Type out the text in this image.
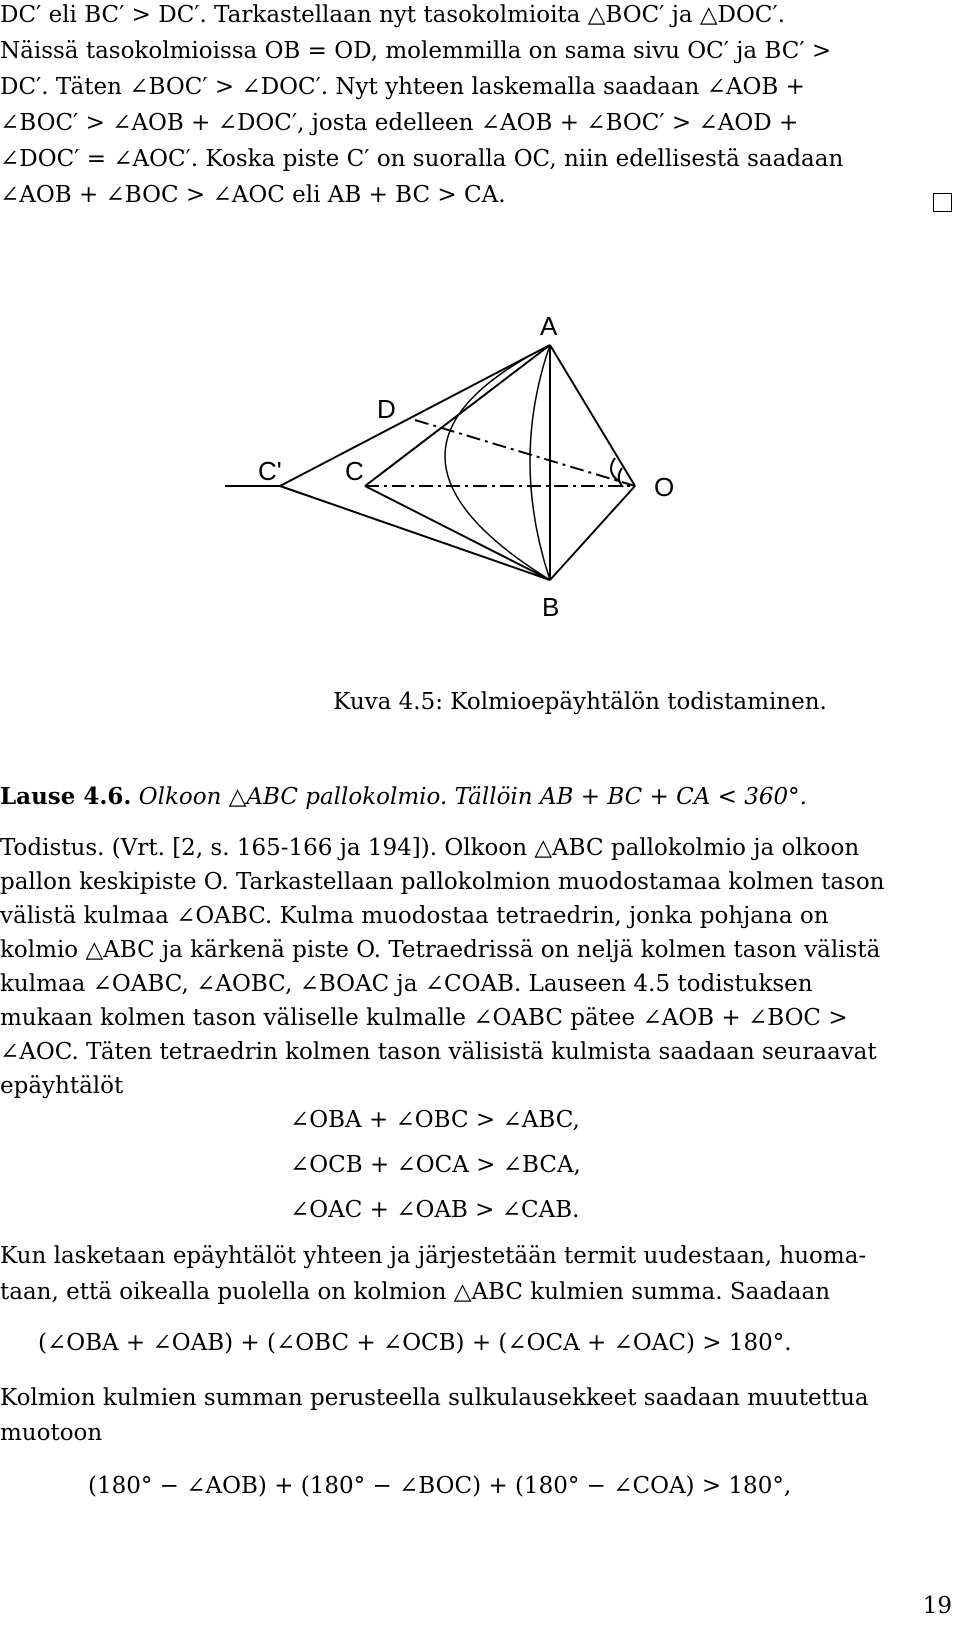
DC′ eli BC′ > DC′. Tarkastellaan nyt tasokolmioita △BOC′ ja △DOC′.
Näissä tasokolmioissa OB = OD, molemmilla on sama sivu OC′ ja BC′ >
DC′. Täten ∠BOC′ > ∠DOC′. Nyt yhteen laskemalla saadaan ∠AOB +
∠BOC′ > ∠AOB + ∠DOC′, josta edelleen ∠AOB + ∠BOC′ > ∠AOD +
∠DOC′ = ∠AOC′. Koska piste C′ on suoralla OC, niin edellisestä saadaan
∠AOB + ∠BOC > ∠AOC eli AB + BC > CA.
A
B
C
C'
D
O
Kuva 4.5: Kolmioepäyhtälön todistaminen.
Lause 4.6. Olkoon △ABC pallokolmio. Tällöin AB + BC + CA < 360°.
Todistus. (Vrt. [2, s. 165-166 ja 194]). Olkoon △ABC pallokolmio ja olkoon
pallon keskipiste O. Tarkastellaan pallokolmion muodostamaa kolmen tason
välistä kulmaa ∠OABC. Kulma muodostaa tetraedrin, jonka pohjana on
kolmio △ABC ja kärkenä piste O. Tetraedrissä on neljä kolmen tason välistä
kulmaa ∠OABC, ∠AOBC, ∠BOAC ja ∠COAB. Lauseen 4.5 todistuksen
mukaan kolmen tason väliselle kulmalle ∠OABC pätee ∠AOB + ∠BOC >
∠AOC. Täten tetraedrin kolmen tason välisistä kulmista saadaan seuraavat
epäyhtälöt
∠OBA + ∠OBC > ∠ABC,
∠OCB + ∠OCA > ∠BCA,
∠OAC + ∠OAB > ∠CAB.
Kun lasketaan epäyhtälöt yhteen ja järjestetään termit uudestaan, huoma-
taan, että oikealla puolella on kolmion △ABC kulmien summa. Saadaan
(∠OBA + ∠OAB) + (∠OBC + ∠OCB) + (∠OCA + ∠OAC) > 180°.
Kolmion kulmien summan perusteella sulkulausekkeet saadaan muutettua
muotoon
(180° − ∠AOB) + (180° − ∠BOC) + (180° − ∠COA) > 180°,
19
